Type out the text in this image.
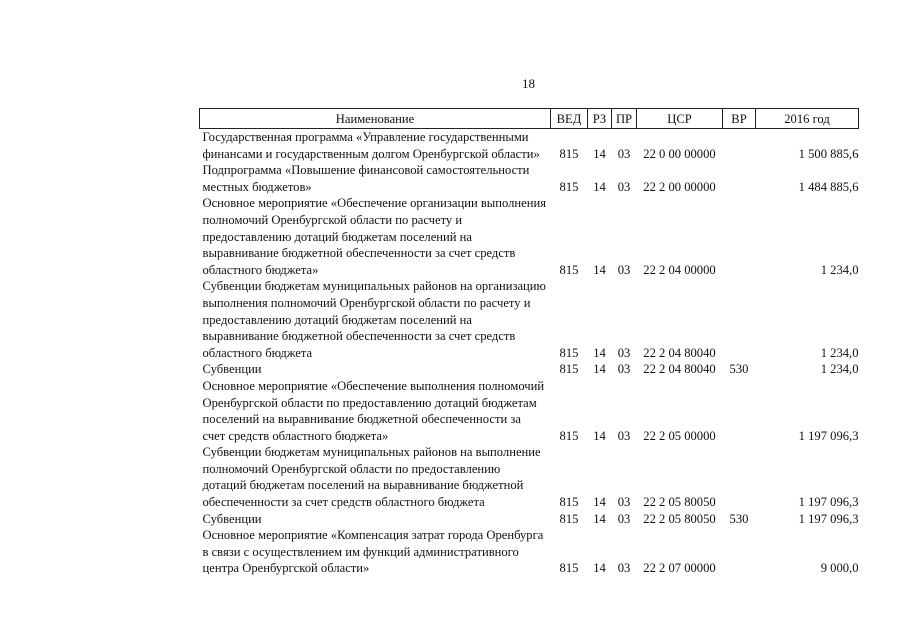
18
Наименование	ВЕД	РЗ	ПР	ЦСР	ВР	2016 год
Государственная программа «Управление государственными финансами и государственным долгом Оренбургской области»	815	14	03	22 0 00 00000		1 500 885,6
Подпрограмма «Повышение финансовой самостоятельности местных бюджетов»	815	14	03	22 2 00 00000		1 484 885,6
Основное мероприятие «Обеспечение организации выполнения полномочий Оренбургской области по расчету и предоставлению дотаций бюджетам поселений на выравнивание бюджетной обеспеченности за счет средств областного бюджета»	815	14	03	22 2 04 00000		1 234,0
Субвенции бюджетам муниципальных районов на организацию выполнения полномочий Оренбургской области по расчету и предоставлению дотаций бюджетам поселений на выравнивание бюджетной обеспеченности за счет средств областного бюджета	815	14	03	22 2 04 80040		1 234,0
Субвенции	815	14	03	22 2 04 80040	530	1 234,0
Основное мероприятие «Обеспечение выполнения полномочий Оренбургской области по предоставлению дотаций бюджетам поселений на выравнивание бюджетной обеспеченности за счет средств областного бюджета»	815	14	03	22 2 05 00000		1 197 096,3
Субвенции бюджетам муниципальных районов на выполнение полномочий Оренбургской области по предоставлению дотаций бюджетам поселений на выравнивание бюджетной обеспеченности за счет средств областного бюджета	815	14	03	22 2 05 80050		1 197 096,3
Субвенции	815	14	03	22 2 05 80050	530	1 197 096,3
Основное мероприятие «Компенсация затрат города Оренбурга в связи с осуществлением им функций административного центра Оренбургской области»	815	14	03	22 2 07 00000		9 000,0
